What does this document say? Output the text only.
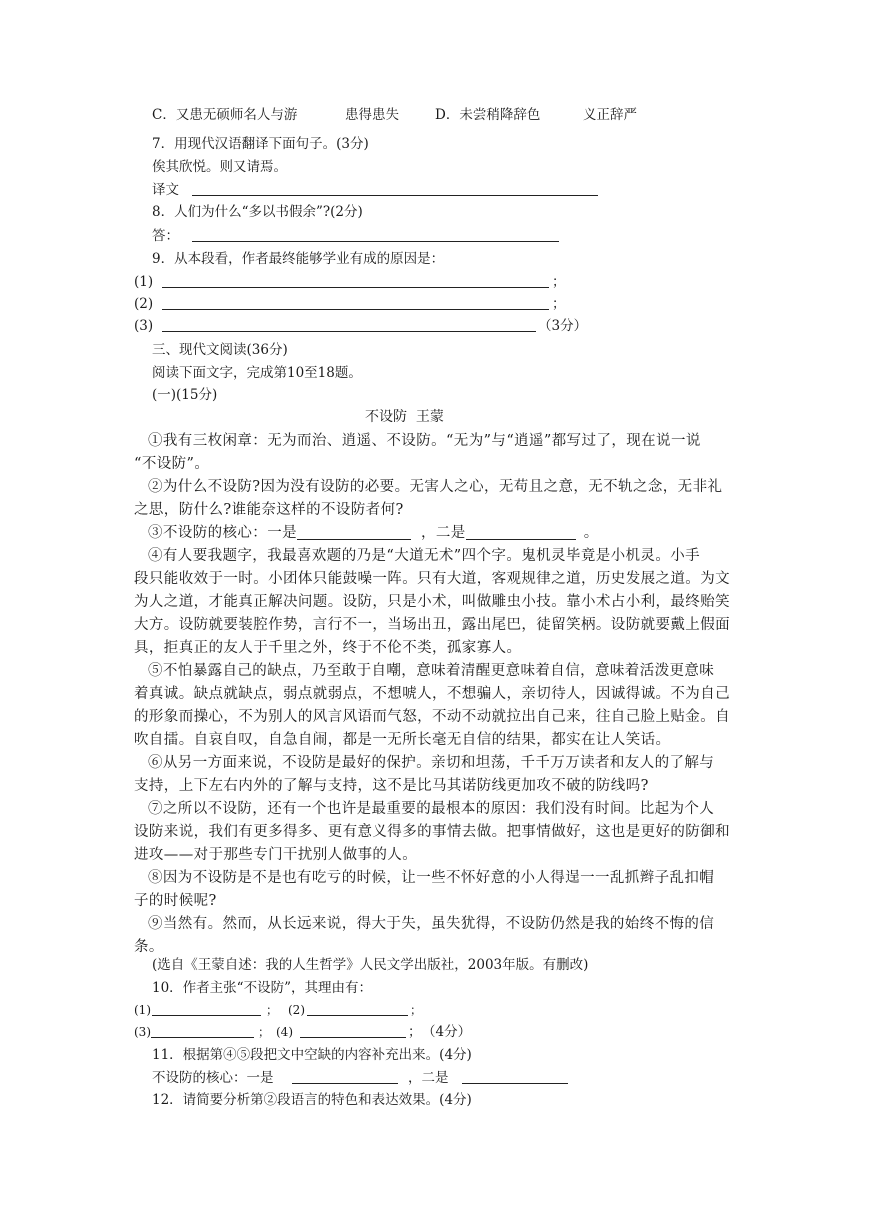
C．又患无硕师名人与游	患得患失	D．未尝稍降辞色	义正辞严
7．用现代汉语翻译下面句子。(3分)
俟其欣悦。则又请焉。
译文
8．人们为什么“多以书假余”?(2分)
答：
9．从本段看，作者最终能够学业有成的原因是：
(1)	；
(2)	；
(3)	（3分）
三、现代文阅读(36分)
阅读下面文字，完成第10至18题。
(一)(15分)
不设防 王蒙
①我有三枚闲章：无为而治、逍遥、不设防。“无为”与“逍遥”都写过了，现在说一说
“不设防”。
②为什么不设防?因为没有设防的必要。无害人之心，无苟且之意，无不轨之念，无非礼
之思，防什么?谁能奈这样的不设防者何?
③不设防的核心：一是	，二是	。
④有人要我题字，我最喜欢题的乃是“大道无术”四个字。鬼机灵毕竟是小机灵。小手
段只能收效于一时。小团体只能鼓噪一阵。只有大道，客观规律之道，历史发展之道。为文
为人之道，才能真正解决问题。设防，只是小术，叫做雕虫小技。靠小术占小利，最终贻笑
大方。设防就要装腔作势，言行不一，当场出丑，露出尾巴，徒留笑柄。设防就要戴上假面
具，拒真正的友人于千里之外，终于不伦不类，孤家寡人。
⑤不怕暴露自己的缺点，乃至敢于自嘲，意味着清醒更意味着自信，意味着活泼更意味
着真诚。缺点就缺点，弱点就弱点，不想唬人，不想骗人，亲切待人，因诚得诚。不为自己
的形象而操心，不为别人的风言风语而气怒，不动不动就拉出自己来，往自己脸上贴金。自
吹自擂。自哀自叹，自急自闹，都是一无所长毫无自信的结果，都实在让人笑话。
⑥从另一方面来说，不设防是最好的保护。亲切和坦荡，千千万万读者和友人的了解与
支持，上下左右内外的了解与支持，这不是比马其诺防线更加攻不破的防线吗?
⑦之所以不设防，还有一个也许是最重要的最根本的原因：我们没有时间。比起为个人
设防来说，我们有更多得多、更有意义得多的事情去做。把事情做好，这也是更好的防御和
进攻——对于那些专门干扰别人做事的人。
⑧因为不设防是不是也有吃亏的时候，让一些不怀好意的小人得逞一一乱抓辫子乱扣帽
子的时候呢?
⑨当然有。然而，从长远来说，得大于失，虽失犹得，不设防仍然是我的始终不悔的信
条。
(选自《王蒙自述：我的人生哲学》人民文学出版社，2003年版。有删改)
10．作者主张“不设防”，其理由有：
(1)	； (2)	；
(3)	； (4)	； （4分）
11．根据第④⑤段把文中空缺的内容补充出来。(4分)
不设防的核心：一是	，二是
12．请简要分析第②段语言的特色和表达效果。(4分)
